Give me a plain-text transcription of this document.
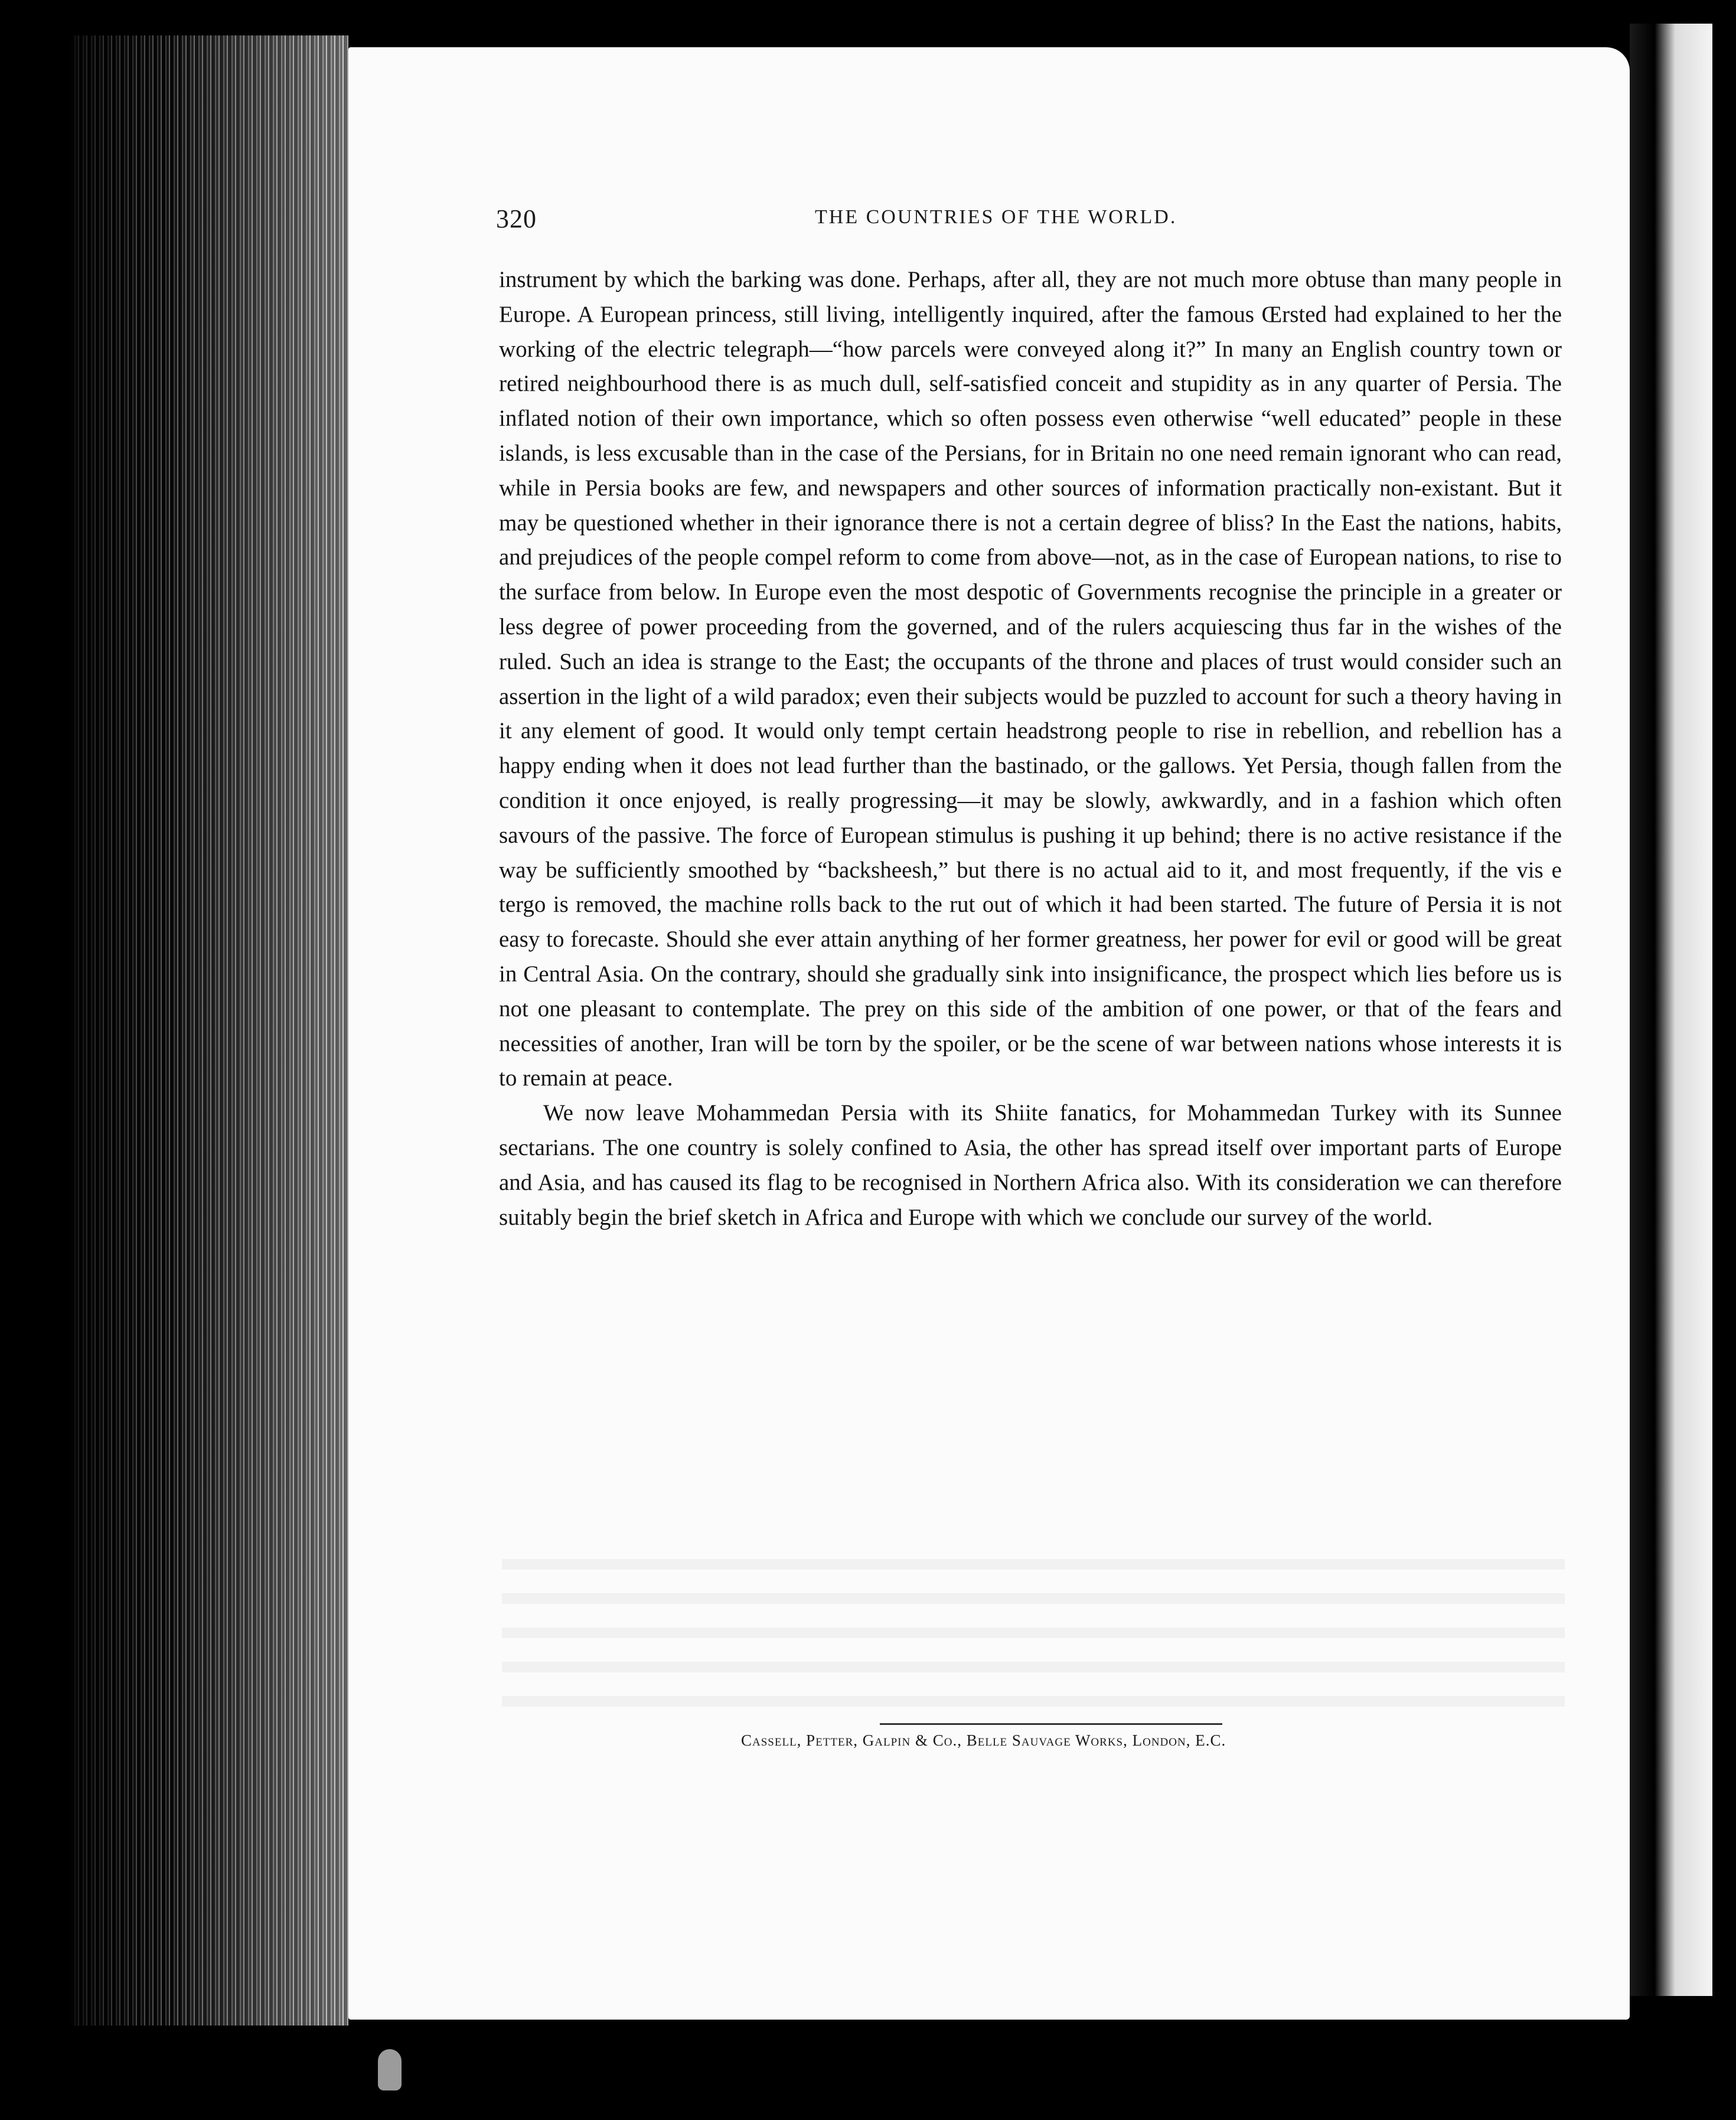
320	THE COUNTRIES OF THE WORLD.

instrument by which the barking was done. Perhaps, after all, they are not much more obtuse than many people in Europe. A European princess, still living, intelligently inquired, after the famous Œrsted had explained to her the working of the electric telegraph—“how parcels were conveyed along it?” In many an English country town or retired neighbourhood there is as much dull, self-satisfied conceit and stupidity as in any quarter of Persia. The inflated notion of their own importance, which so often possess even otherwise “well educated” people in these islands, is less excusable than in the case of the Persians, for in Britain no one need remain ignorant who can read, while in Persia books are few, and newspapers and other sources of information practically non-existant. But it may be questioned whether in their ignorance there is not a certain degree of bliss? In the East the nations, habits, and prejudices of the people compel reform to come from above—not, as in the case of European nations, to rise to the surface from below. In Europe even the most despotic of Governments recognise the principle in a greater or less degree of power proceeding from the governed, and of the rulers acquiescing thus far in the wishes of the ruled. Such an idea is strange to the East; the occupants of the throne and places of trust would consider such an assertion in the light of a wild paradox; even their subjects would be puzzled to account for such a theory having in it any element of good. It would only tempt certain headstrong people to rise in rebellion, and rebellion has a happy ending when it does not lead further than the bastinado, or the gallows. Yet Persia, though fallen from the condition it once enjoyed, is really progressing—it may be slowly, awkwardly, and in a fashion which often savours of the passive. The force of European stimulus is pushing it up behind; there is no active resistance if the way be sufficiently smoothed by “backsheesh,” but there is no actual aid to it, and most frequently, if the vis e tergo is removed, the machine rolls back to the rut out of which it had been started. The future of Persia it is not easy to forecaste. Should she ever attain anything of her former greatness, her power for evil or good will be great in Central Asia. On the contrary, should she gradually sink into insignificance, the prospect which lies before us is not one pleasant to contemplate. The prey on this side of the ambition of one power, or that of the fears and necessities of another, Iran will be torn by the spoiler, or be the scene of war between nations whose interests it is to remain at peace.

We now leave Mohammedan Persia with its Shiite fanatics, for Mohammedan Turkey with its Sunnee sectarians. The one country is solely confined to Asia, the other has spread itself over important parts of Europe and Asia, and has caused its flag to be recognised in Northern Africa also. With its consideration we can therefore suitably begin the brief sketch in Africa and Europe with which we conclude our survey of the world.

Cassell, Petter, Galpin & Co., Belle Sauvage Works, London, E.C.
